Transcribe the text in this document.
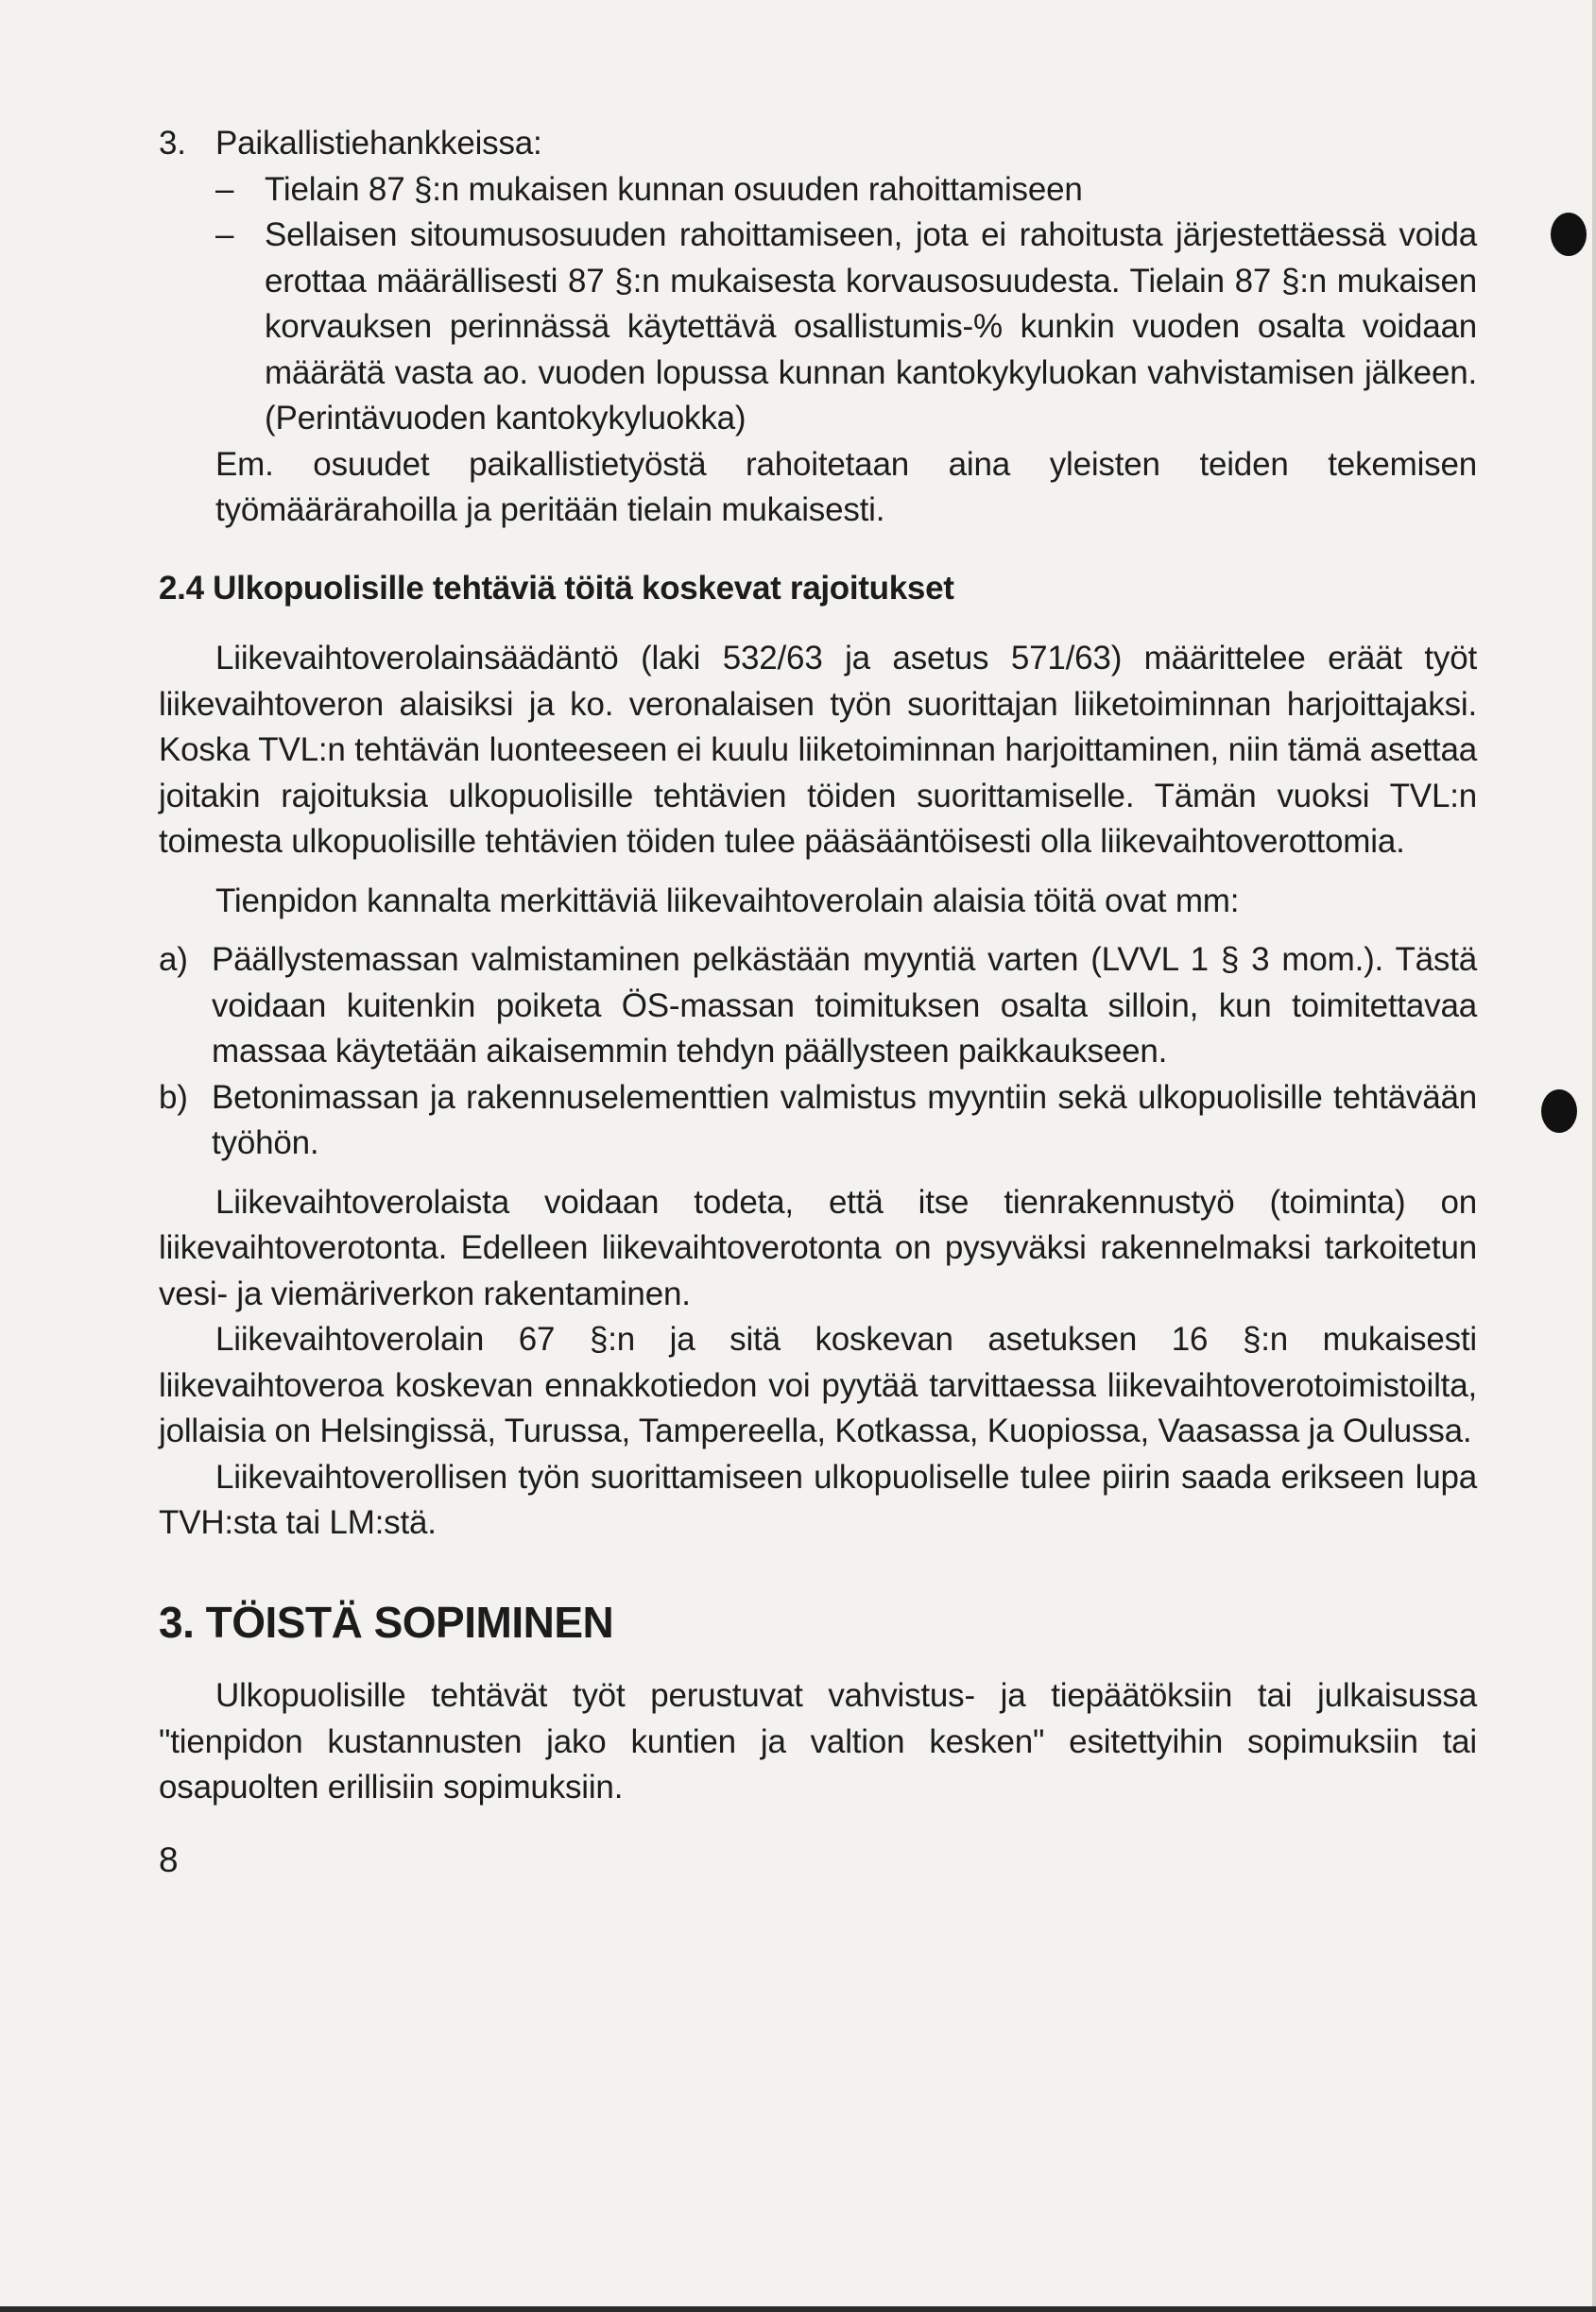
3. Paikallistiehankkeissa:
– Tielain 87 §:n mukaisen kunnan osuuden rahoittamiseen
– Sellaisen sitoumusosuuden rahoittamiseen, jota ei rahoitusta järjestettäessä voida erottaa määrällisesti 87 §:n mukaisesta korvausosuudesta. Tielain 87 §:n mukaisen korvauksen perinnässä käytettävä osallistumis-% kunkin vuoden osalta voidaan määrätä vasta ao. vuoden lopussa kunnan kantokykyluokan vahvistamisen jälkeen. (Perintävuoden kantokykyluokka)
Em. osuudet paikallistietyöstä rahoitetaan aina yleisten teiden tekemisen työmäärärahoilla ja peritään tielain mukaisesti.
2.4 Ulkopuolisille tehtäviä töitä koskevat rajoitukset
Liikevaihtoverolainsäädäntö (laki 532/63 ja asetus 571/63) määrittelee eräät työt liikevaihtoveron alaisiksi ja ko. veronalaisen työn suorittajan liiketoiminnan harjoittajaksi. Koska TVL:n tehtävän luonteeseen ei kuulu liiketoiminnan harjoittaminen, niin tämä asettaa joitakin rajoituksia ulkopuolisille tehtävien töiden suorittamiselle. Tämän vuoksi TVL:n toimesta ulkopuolisille tehtävien töiden tulee pääsääntöisesti olla liikevaihtoverottomia.
Tienpidon kannalta merkittäviä liikevaihtoverolain alaisia töitä ovat mm:
a) Päällystemassan valmistaminen pelkästään myyntiä varten (LVVL 1 § 3 mom.). Tästä voidaan kuitenkin poiketa ÖS-massan toimituksen osalta silloin, kun toimitettavaa massaa käytetään aikaisemmin tehdyn päällysteen paikkaukseen.
b) Betonimassan ja rakennuselementtien valmistus myyntiin sekä ulkopuolisille tehtävään työhön.
Liikevaihtoverolaista voidaan todeta, että itse tienrakennustyö (toiminta) on liikevaihtoverotonta. Edelleen liikevaihtoverotonta on pysyväksi rakennelmaksi tarkoitetun vesi- ja viemäriverkon rakentaminen.
Liikevaihtoverolain 67 §:n ja sitä koskevan asetuksen 16 §:n mukaisesti liikevaihtoveroa koskevan ennakkotiedon voi pyytää tarvittaessa liikevaihtoverotoimistoilta, jollaisia on Helsingissä, Turussa, Tampereella, Kotkassa, Kuopiossa, Vaasassa ja Oulussa.
Liikevaihtoverollisen työn suorittamiseen ulkopuoliselle tulee piirin saada erikseen lupa TVH:sta tai LM:stä.
3. TÖISTÄ SOPIMINEN
Ulkopuolisille tehtävät työt perustuvat vahvistus- ja tiepäätöksiin tai julkaisussa "tienpidon kustannusten jako kuntien ja valtion kesken" esitettyihin sopimuksiin tai osapuolten erillisiin sopimuksiin.
8
